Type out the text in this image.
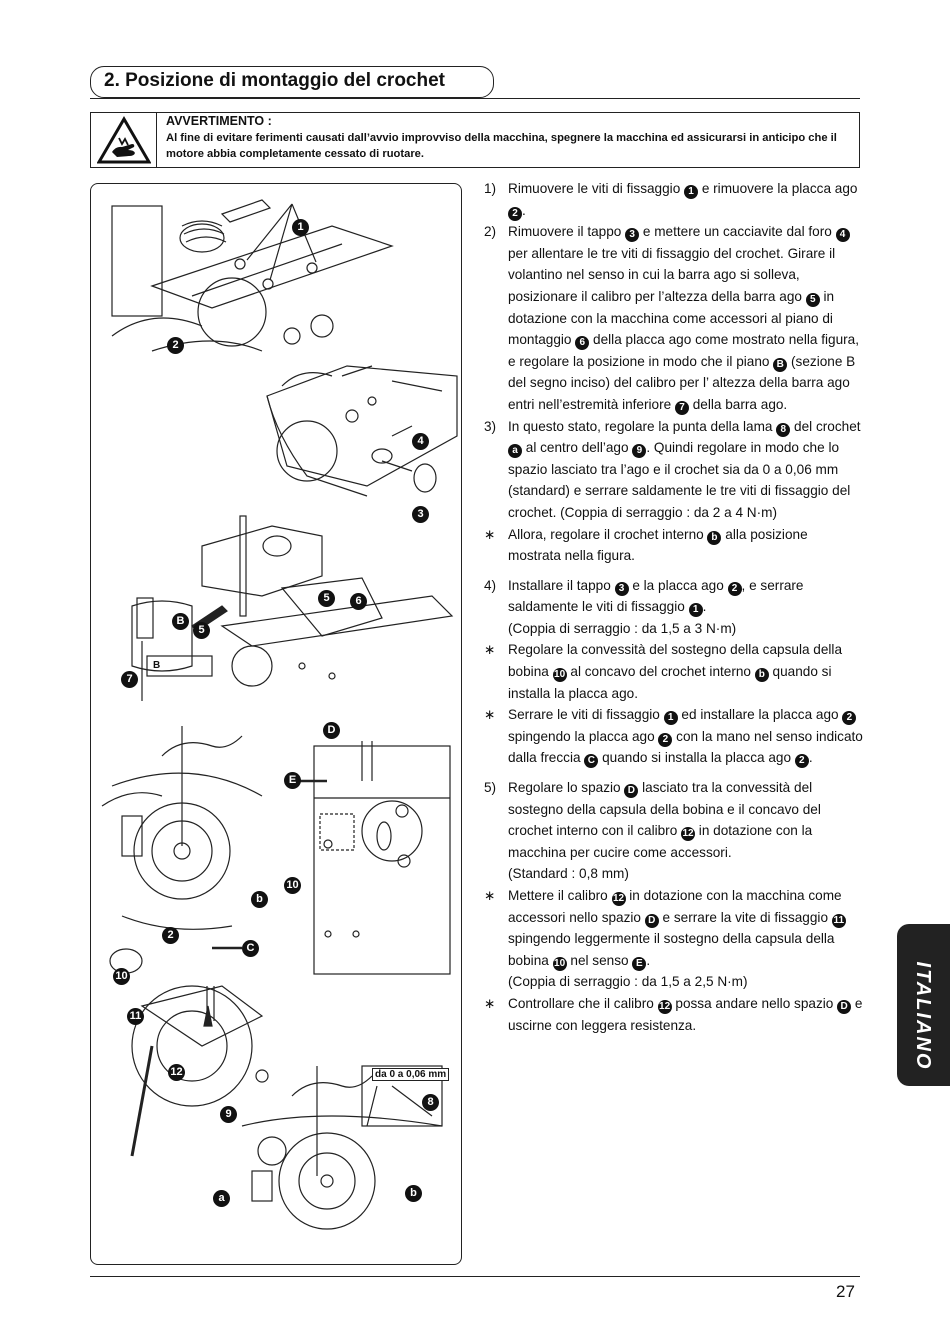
2. Posizione di montaggio del crochet
AVVERTIMENTO :
Al fine di evitare ferimenti causati dall’avvio improvviso della macchina, spegnere la macchina ed assicurarsi in anticipo che il motore abbia completamente cessato di ruotare.
1
2
4
3
5	6
B
5
7
B
D
E
10
b
2
C
10
11
12	da 0 a 0,06 mm
9
8
a	b
1) Rimuovere le viti di fissaggio 1 e rimuovere la placca ago 2 .
2) Rimuovere il tappo 3 e mettere un cacciavite dal foro 4 per allentare le tre viti di fissaggio del crochet. Girare il volantino nel senso in cui la barra ago si solleva, posizionare il calibro per l’altezza della barra ago 5 in dotazione con la macchina come accessori al piano di montaggio 6 della placca ago come mostrato nella figura, e regolare la posizione in modo che il piano B (sezione B del segno inciso) del calibro per l’ altezza della barra ago entri nell’estremità inferiore 7 della barra ago.
3) In questo stato, regolare la punta della lama 8 del crochet a al centro dell’ago 9 . Quindi regolare in modo che lo spazio lasciato tra l’ago e il crochet sia da 0 a 0,06 mm (standard) e serrare saldamente le tre viti di fissaggio del crochet. (Coppia di serraggio : da 2 a 4 N·m)
∗ Allora, regolare il crochet interno b alla posizione mostrata nella figura.
4) Installare il tappo 3 e la placca ago 2 , e serrare saldamente le viti di fissaggio 1 .
(Coppia di serraggio : da 1,5 a 3 N·m)
∗ Regolare la convessità del sostegno della capsula della bobina 10 al concavo del crochet interno b quando si installa la placca ago.
∗ Serrare le viti di fissaggio 1 ed installare la placca ago 2 spingendo la placca ago 2 con la mano nel senso indicato dalla freccia C quando si installa la placca ago 2 .
5) Regolare lo spazio D lasciato tra la convessità del sostegno della capsula della bobina e il concavo del crochet interno con il calibro 12 in dotazione con la macchina per cucire come accessori.
(Standard : 0,8 mm)
∗ Mettere il calibro 12 in dotazione con la macchina come accessori nello spazio D e serrare la vite di fissaggio 11 spingendo leggermente il sostegno della capsula della bobina 10 nel senso E .
(Coppia di serraggio : da 1,5 a 2,5 N·m)
∗ Controllare che il calibro 12 possa andare nello spazio D e uscirne con leggera resistenza.	ITALIANO
27
